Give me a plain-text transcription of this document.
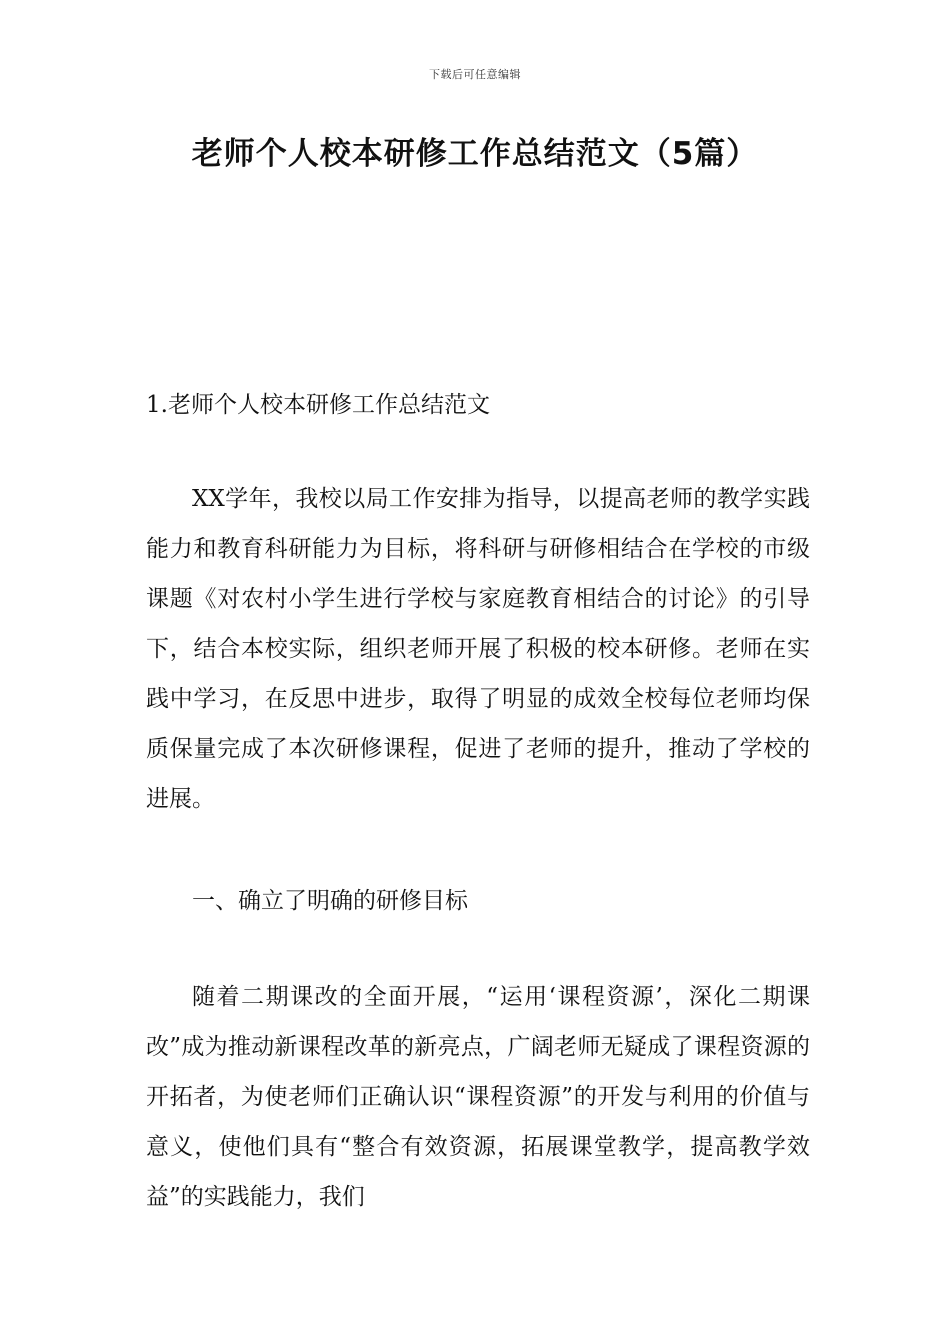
下载后可任意编辑
老师个人校本研修工作总结范文（5篇）
1.老师个人校本研修工作总结范文

XX学年，我校以局工作安排为指导，以提高老师的教学实践能力和教育科研能力为目标，将科研与研修相结合在学校的市级课题《对农村小学生进行学校与家庭教育相结合的讨论》的引导下，结合本校实际，组织老师开展了积极的校本研修。老师在实践中学习，在反思中进步，取得了明显的成效全校每位老师均保质保量完成了本次研修课程，促进了老师的提升，推动了学校的进展。

一、确立了明确的研修目标

随着二期课改的全面开展，“运用‘课程资源’，深化二期课改”成为推动新课程改革的新亮点，广阔老师无疑成了课程资源的开拓者，为使老师们正确认识“课程资源”的开发与利用的价值与意义，使他们具有“整合有效资源，拓展课堂教学，提高教学效益”的实践能力，我们
